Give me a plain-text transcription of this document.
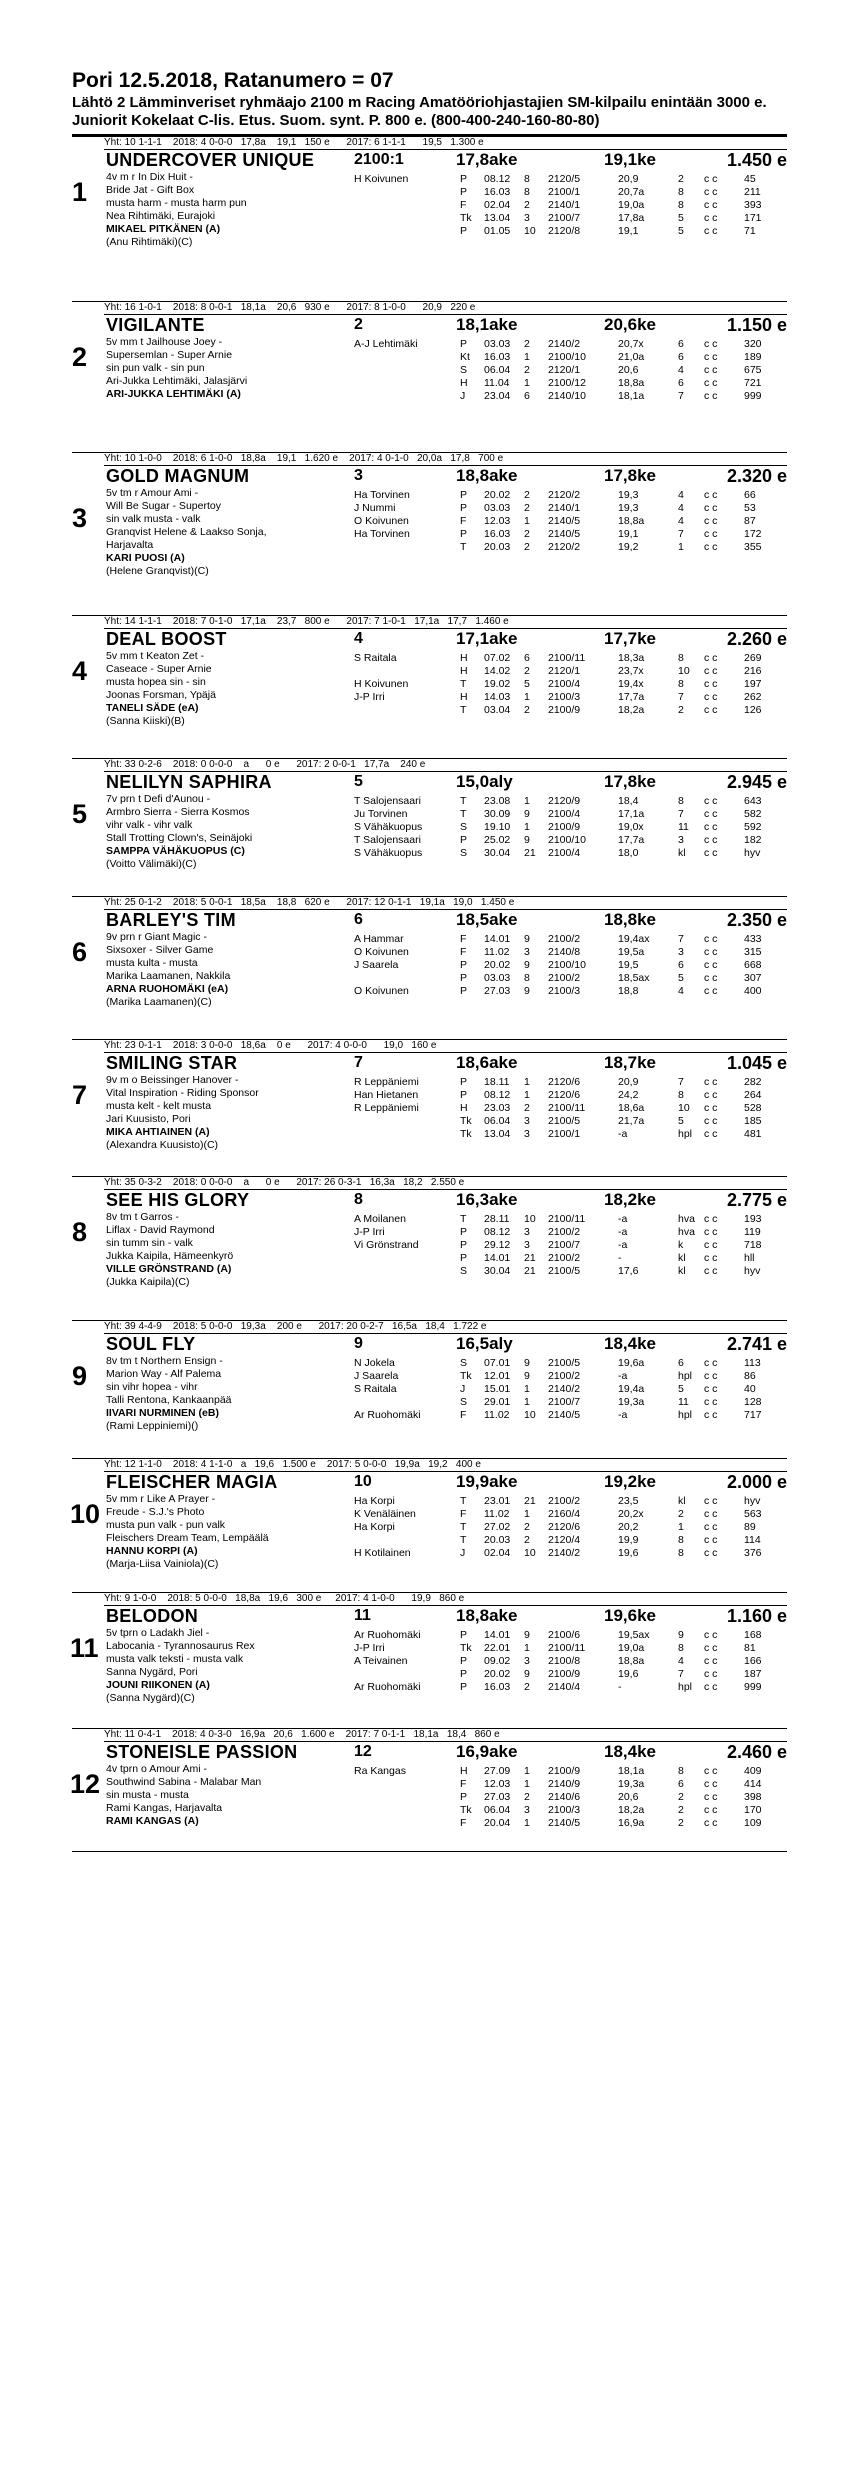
Pori 12.5.2018, Ratanumero = 07
Lähtö 2 Lämminveriset ryhmäajo 2100 m Racing Amatööriohjastajien SM-kilpailu enintään 3000 e. Juniorit Kokelaat C-lis. Etus. Suom. synt. P. 800 e. (800-400-240-160-80-80)
Yht: 10 1-1-1    2018: 4 0-0-0   17,8a    19,1   150 e      2017: 6 1-1-1      19,5   1.300 e
1
UNDERCOVER UNIQUE 2100:1	17,8ake	19,1ke	1.450 e
4v m r In Dix Huit -
Bride Jat - Gift Box
musta harm - musta harm pun
Nea Rihtimäki, Eurajoki
MIKAEL PITKÄNEN (A)
(Anu Rihtimäki)(C)
H Koivunen	P 08.12 8 2120/5	20,9	2 c c	45
P 16.03 8 2100/1	20,7a	8 c c	211
F 02.04 2 2140/1	19,0a	8 c c	393
Tk 13.04 3 2100/7	17,8a	5 c c	171
P 01.05 10 2120/8	19,1	5 c c	71
Yht: 16 1-0-1    2018: 8 0-0-1   18,1a    20,6   930 e      2017: 8 1-0-0      20,9   220 e
2
VIGILANTE	2	18,1ake	20,6ke	1.150 e
5v mm t Jailhouse Joey -
Supersemlan - Super Arnie
sin pun valk - sin pun
Ari-Jukka Lehtimäki, Jalasjärvi
ARI-JUKKA LEHTIMÄKI (A)
A-J Lehtimäki	P 03.03 2 2140/2	20,7x	6 c c	320
Kt 16.03 1 2100/10	21,0a	6 c c	189
S 06.04 2 2120/1	20,6	4 c c	675
H 11.04 1 2100/12	18,8a	6 c c	721
J 23.04 6 2140/10	18,1a	7 c c	999
Yht: 10 1-0-0    2018: 6 1-0-0   18,8a    19,1   1.620 e    2017: 4 0-1-0   20,0a   17,8   700 e
3
GOLD MAGNUM	3	18,8ake	17,8ke	2.320 e
5v tm r Amour Ami -
Will Be Sugar - Supertoy
sin valk musta - valk
Granqvist Helene & Laakso Sonja,
Harjavalta
KARI PUOSI (A)
(Helene Granqvist)(C)
Ha Torvinen	P 20.02 2 2120/2	19,3	4 c c	66
J Nummi	P 03.03 2 2140/1	19,3	4 c c	53
O Koivunen	F 12.03 1 2140/5	18,8a	4 c c	87
Ha Torvinen	P 16.03 2 2140/5	19,1	7 c c	172
T 20.03 2 2120/2	19,2	1 c c	355
Yht: 14 1-1-1    2018: 7 0-1-0   17,1a    23,7   800 e      2017: 7 1-0-1   17,1a   17,7   1.460 e
4
DEAL BOOST	4	17,1ake	17,7ke	2.260 e
5v mm t Keaton Zet -
Caseace - Super Arnie
musta hopea sin - sin
Joonas Forsman, Ypäjä
TANELI SÄDE (eA)
(Sanna Kiiski)(B)
S Raitala	H 07.02 6 2100/11	18,3a	8 c c	269
H 14.02 2 2120/1	23,7x	10 c c	216
H Koivunen	T 19.02 5 2100/4	19,4x	8 c c	197
J-P Irri	H 14.03 1 2100/3	17,7a	7 c c	262
T 03.04 2 2100/9	18,2a	2 c c	126
Yht: 33 0-2-6    2018: 0 0-0-0    a      0 e      2017: 2 0-0-1   17,7a    240 e
5
NELILYN SAPHIRA	5	15,0aly	17,8ke	2.945 e
7v prn t Defi d'Aunou -
Armbro Sierra - Sierra Kosmos
vihr valk - vihr valk
Stall Trotting Clown's, Seinäjoki
SAMPPA VÄHÄKUOPUS (C)
(Voitto Välimäki)(C)
T Salojensaari	T 23.08 1 2120/9	18,4	8 c c	643
Ju Torvinen	T 30.09 9 2100/4	17,1a	7 c c	582
S Vähäkuopus	S 19.10 1 2100/9	19,0x	11 c c	592
T Salojensaari	P 25.02 9 2100/10	17,7a	3 c c	182
S Vähäkuopus	S 30.04 21 2100/4	18,0	kl c c	hyv
Yht: 25 0-1-2    2018: 5 0-0-1   18,5a    18,8   620 e      2017: 12 0-1-1   19,1a   19,0   1.450 e
6
BARLEY'S TIM	6	18,5ake	18,8ke	2.350 e
9v prn r Giant Magic -
Sixsoxer - Silver Game
musta kulta - musta
Marika Laamanen, Nakkila
ARNA RUOHOMÄKI (eA)
(Marika Laamanen)(C)
A Hammar	F 14.01 9 2100/2	19,4ax	7 c c	433
O Koivunen	F 11.02 3 2140/8	19,5a	3 c c	315
J Saarela	P 20.02 9 2100/10	19,5	6 c c	668
P 03.03 8 2100/2	18,5ax	5 c c	307
O Koivunen	P 27.03 9 2100/3	18,8	4 c c	400
Yht: 23 0-1-1    2018: 3 0-0-0   18,6a    0 e      2017: 4 0-0-0      19,0   160 e
7
SMILING STAR	7	18,6ake	18,7ke	1.045 e
9v m o Beissinger Hanover -
Vital Inspiration - Riding Sponsor
musta kelt - kelt musta
Jari Kuusisto, Pori
MIKA AHTIAINEN (A)
(Alexandra Kuusisto)(C)
R Leppäniemi	P 18.11 1 2120/6	20,9	7 c c	282
Han Hietanen	P 08.12 1 2120/6	24,2	8 c c	264
R Leppäniemi	H 23.03 2 2100/11	18,6a	10 c c	528
Tk 06.04 3 2100/5	21,7a	5 c c	185
Tk 13.04 3 2100/1	-a	hpl c c	481
Yht: 35 0-3-2    2018: 0 0-0-0    a      0 e      2017: 26 0-3-1   16,3a   18,2   2.550 e
8
SEE HIS GLORY	8	16,3ake	18,2ke	2.775 e
8v tm t Garros -
Liflax - David Raymond
sin tumm sin - valk
Jukka Kaipila, Hämeenkyrö
VILLE GRÖNSTRAND (A)
(Jukka Kaipila)(C)
A Moilanen	T 28.11 10 2100/11	-a	hva c c	193
J-P Irri	P 08.12 3 2100/2	-a	hva c c	119
Vi Grönstrand	P 29.12 3 2100/7	-a	k c c	718
P 14.01 21 2100/2	-	kl c c	hll
S 30.04 21 2100/5	17,6	kl c c	hyv
Yht: 39 4-4-9    2018: 5 0-0-0   19,3a    200 e      2017: 20 0-2-7   16,5a   18,4   1.722 e
9
SOUL FLY	9	16,5aly	18,4ke	2.741 e
8v tm t Northern Ensign -
Marion Way - Alf Palema
sin vihr hopea - vihr
Talli Rentona, Kankaanpää
IIVARI NURMINEN (eB)
(Rami Leppiniemi)()
N Jokela	S 07.01 9 2100/5	19,6a	6 c c	113
J Saarela	Tk 12.01 9 2100/2	-a	hpl c c	86
S Raitala	J 15.01 1 2140/2	19,4a	5 c c	40
S 29.01 1 2100/7	19,3a	11 c c	128
Ar Ruohomäki	F 11.02 10 2140/5	-a	hpl c c	717
Yht: 12 1-1-0    2018: 4 1-1-0   a   19,6   1.500 e    2017: 5 0-0-0   19,9a   19,2   400 e
10
FLEISCHER MAGIA	10	19,9ake	19,2ke	2.000 e
5v mm r Like A Prayer -
Freude - S.J.'s Photo
musta pun valk - pun valk
Fleischers Dream Team, Lempäälä
HANNU KORPI (A)
(Marja-Liisa Vainiola)(C)
Ha Korpi	T 23.01 21 2100/2	23,5	kl c c	hyv
K Venäläinen	F 11.02 1 2160/4	20,2x	2 c c	563
Ha Korpi	T 27.02 2 2120/6	20,2	1 c c	89
T 20.03 2 2120/4	19,9	8 c c	114
H Kotilainen	J 02.04 10 2140/2	19,6	8 c c	376
Yht: 9 1-0-0    2018: 5 0-0-0   18,8a   19,6   300 e     2017: 4 1-0-0      19,9   860 e
11
BELODON	11	18,8ake	19,6ke	1.160 e
5v tprn o Ladakh Jiel -
Labocania - Tyrannosaurus Rex
musta valk teksti - musta valk
Sanna Nygärd, Pori
JOUNI RIIKONEN (A)
(Sanna Nygärd)(C)
Ar Ruohomäki	P 14.01 9 2100/6	19,5ax	9 c c	168
J-P Irri	Tk 22.01 1 2100/11	19,0a	8 c c	81
A Teivainen	P 09.02 3 2100/8	18,8a	4 c c	166
P 20.02 9 2100/9	19,6	7 c c	187
Ar Ruohomäki	P 16.03 2 2140/4	-	hpl c c	999
Yht: 11 0-4-1    2018: 4 0-3-0   16,9a   20,6   1.600 e    2017: 7 0-1-1   18,1a   18,4   860 e
12
STONEISLE PASSION	12	16,9ake	18,4ke	2.460 e
4v tprn o Amour Ami -
Southwind Sabina - Malabar Man
sin musta - musta
Rami Kangas, Harjavalta
RAMI KANGAS (A)
Ra Kangas	H 27.09 1 2100/9	18,1a	8 c c	409
F 12.03 1 2140/9	19,3a	6 c c	414
P 27.03 2 2140/6	20,6	2 c c	398
Tk 06.04 3 2100/3	18,2a	2 c c	170
F 20.04 1 2140/5	16,9a	2 c c	109
